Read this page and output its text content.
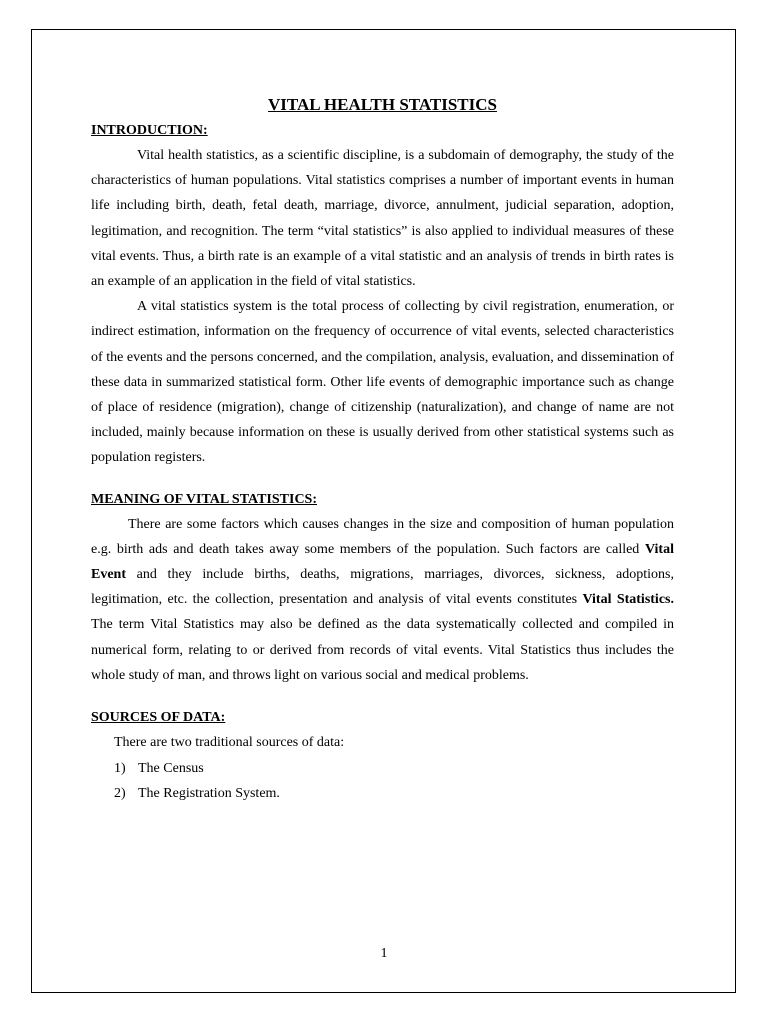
VITAL HEALTH STATISTICS
INTRODUCTION:

Vital health statistics, as a scientific discipline, is a subdomain of demography, the study of the characteristics of human populations. Vital statistics comprises a number of important events in human life including birth, death, fetal death, marriage, divorce, annulment, judicial separation, adoption, legitimation, and recognition. The term “vital statistics” is also applied to individual measures of these vital events. Thus, a birth rate is an example of a vital statistic and an analysis of trends in birth rates is an example of an application in the field of vital statistics.

A vital statistics system is the total process of collecting by civil registration, enumeration, or indirect estimation, information on the frequency of occurrence of vital events, selected characteristics of the events and the persons concerned, and the compilation, analysis, evaluation, and dissemination of these data in summarized statistical form. Other life events of demographic importance such as change of place of residence (migration), change of citizenship (naturalization), and change of name are not included, mainly because information on these is usually derived from other statistical systems such as population registers.

MEANING OF VITAL STATISTICS:

There are some factors which causes changes in the size and composition of human population e.g. birth ads and death takes away some members of the population. Such factors are called Vital Event and they include births, deaths, migrations, marriages, divorces, sickness, adoptions, legitimation, etc. the collection, presentation and analysis of vital events constitutes Vital Statistics. The term Vital Statistics may also be defined as the data systematically collected and compiled in numerical form, relating to or derived from records of vital events. Vital Statistics thus includes the whole study of man, and throws light on various social and medical problems.

SOURCES OF DATA:

There are two traditional sources of data:

1) The Census
2) The Registration System.
1
